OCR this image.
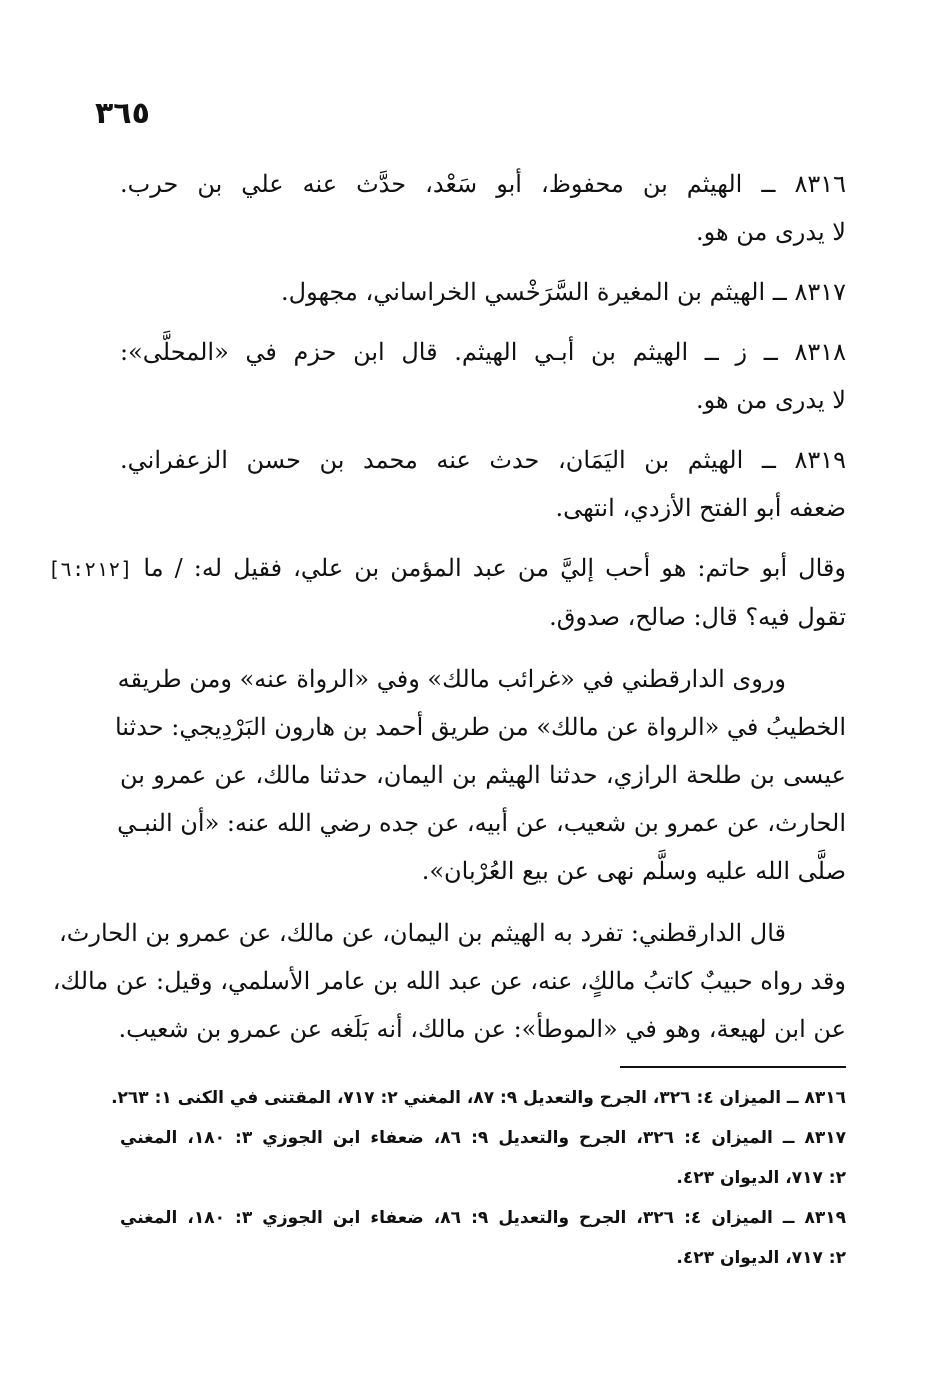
٣٦٥
٨٣١٦ ــ الهيثم بن محفوظ، أبو سَعْد، حدَّث عنه علي بن حرب.
لا يدرى من هو.
٨٣١٧ ــ الهيثم بن المغيرة السَّرَخْسي الخراساني، مجهول.
٨٣١٨ ــ ز ــ الهيثم بن أبـي الهيثم. قال ابن حزم في «المحلَّى»:
لا يدرى من هو.
٨٣١٩ ــ الهيثم بن اليَمَان، حدث عنه محمد بن حسن الزعفراني.
ضعفه أبو الفتح الأزدي، انتهى.
وقال أبو حاتم: هو أحب إليَّ من عبد المؤمن بن علي، فقيل له: / ما [٦:٢١٢]
تقول فيه؟ قال: صالح، صدوق.
وروى الدارقطني في «غرائب مالك» وفي «الرواة عنه» ومن طريقه
الخطيبُ في «الرواة عن مالك» من طريق أحمد بن هارون البَرْدِيجي: حدثنا
عيسى بن طلحة الرازي، حدثنا الهيثم بن اليمان، حدثنا مالك، عن عمرو بن
الحارث، عن عمرو بن شعيب، عن أبيه، عن جده رضي الله عنه: «أن النبـي
صلَّى الله عليه وسلَّم نهى عن بيع العُرْبان».
قال الدارقطني: تفرد به الهيثم بن اليمان، عن مالك، عن عمرو بن الحارث،
وقد رواه حبيبٌ كاتبُ مالكٍ، عنه، عن عبد الله بن عامر الأسلمي، وقيل: عن مالك،
عن ابن لهيعة، وهو في «الموطأ»: عن مالك، أنه بَلَغه عن عمرو بن شعيب.
٨٣١٦ ــ الميزان ٤: ٣٢٦، الجرح والتعديل ٩: ٨٧، المغني ٢: ٧١٧، المقتنى في الكنى ١: ٢٦٣.
٨٣١٧ ــ الميزان ٤: ٣٢٦، الجرح والتعديل ٩: ٨٦، ضعفاء ابن الجوزي ٣: ١٨٠، المغني
٢: ٧١٧، الديوان ٤٢٣.
٨٣١٩ ــ الميزان ٤: ٣٢٦، الجرح والتعديل ٩: ٨٦، ضعفاء ابن الجوزي ٣: ١٨٠، المغني
٢: ٧١٧، الديوان ٤٢٣.
